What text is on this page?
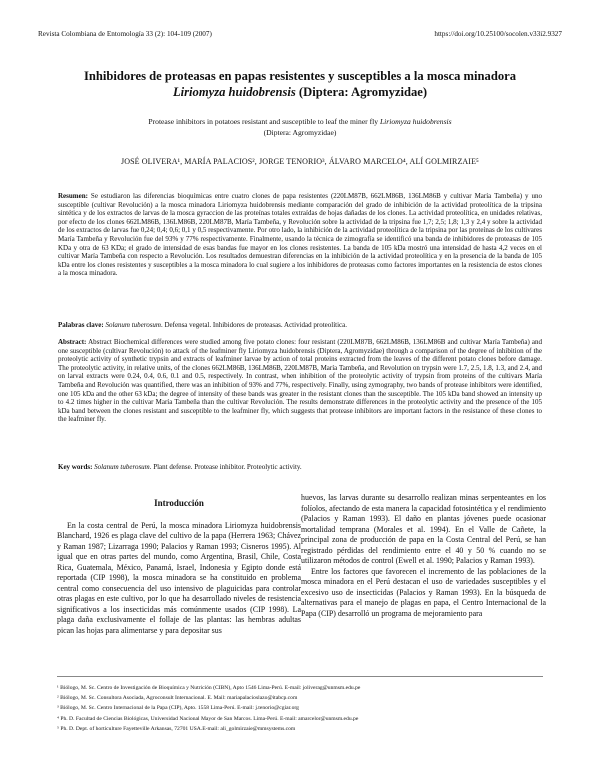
Revista Colombiana de Entomología 33 (2): 104-109 (2007)	https://doi.org/10.25100/socolen.v33i2.9327
Inhibidores de proteasas en papas resistentes y susceptibles a la mosca minadora
Liriomyza huidobrensis (Diptera: Agromyzidae)
Protease inhibitors in potatoes resistant and susceptible to leaf the miner fly Liriomyza huidobrensis
(Diptera: Agromyzidae)
JOSÉ OLIVERA¹, MARÍA PALACIOS², JORGE TENORIO³, ÁLVARO MARCELO⁴, ALÍ GOLMIRZAIE⁵
Resumen: Se estudiaron las diferencias bioquímicas entre cuatro clones de papa resistentes (220LM87B, 662LM86B, 136LM86B y cultivar María Tambeña) y uno susceptible (cultivar Revolución) a la mosca minadora Liriomyza huidobrensis mediante comparación del grado de inhibición de la actividad proteolítica de la tripsina sintética y de los extractos de larvas de la mosca gyraccion de las proteínas totales extraídas de hojas dañadas de los clones. La actividad proteolítica, en unidades relativas, por efecto de los clones 662LM86B, 136LM86B, 220LM87B, María Tambeña, y Revolución sobre la actividad de la tripsina fue 1,7; 2,5; 1,8; 1,3 y 2,4 y sobre la actividad de los extractos de larvas fue 0,24; 0,4; 0,6; 0,1 y 0,5 respectivamente. Por otro lado, la inhibición de la actividad proteolítica de la tripsina por las proteínas de los cultivares María Tambeña y Revolución fue del 93% y 77% respectivamente. Finalmente, usando la técnica de zimografía se identificó una banda de inhibidores de proteasas de 105 KDa y otra de 63 KDa; el grado de intensidad de esas bandas fue mayor en los clones resistentes. La banda de 105 kDa mostró una intensidad de hasta 4,2 veces en el cultivar María Tambeña con respecto a Revolución. Los resultados demuestran diferencias en la inhibición de la actividad proteolítica y en la presencia de la banda de 105 kDa entre los clones resistentes y susceptibles a la mosca minadora lo cual sugiere a los inhibidores de proteasas como factores importantes en la resistencia de estos clones a la mosca minadora.
Palabras clave: Solanum tuberosum. Defensa vegetal. Inhibidores de proteasas. Actividad proteolítica.
Abstract: Abstract Biochemical differences were studied among five potato clones: four resistant (220LM87B, 662LM86B, 136LM86B and cultivar María Tambeña) and one susceptible (cultivar Revolución) to attack of the leafminer fly Liriomyza huidobrensis (Diptera, Agromyzidae) through a comparison of the degree of inhibition of the proteolytic activity of synthetic trypsin and extracts of leafminer larvae by action of total proteins extracted from the leaves of the different potato clones before damage. The proteolytic activity, in relative units, of the clones 662LM86B, 136LM86B, 220LM87B, María Tambeña, and Revolution on trypsin were 1.7, 2.5, 1.8, 1.3, and 2.4, and on larval extracts were 0.24, 0.4, 0.6, 0.1 and 0.5, respectively. In contrast, when inhibition of the proteolytic activity of trypsin from proteins of the cultivars María Tambeña and Revolución was quantified, there was an inhibition of 93% and 77%, respectively. Finally, using zymography, two bands of protease inhibitors were identified, one 105 kDa and the other 63 kDa; the degree of intensity of these bands was greater in the resistant clones than the susceptible. The 105 kDa band showed an intensity up to 4.2 times higher in the cultivar María Tambeña than the cultivar Revolución. The results demonstrate differences in the proteolytic activity and the presence of the 105 kDa band between the clones resistant and susceptible to the leafminer fly, which suggests that protease inhibitors are important factors in the resistance of these clones to the leafminer fly.
Key words: Solanum tuberosum. Plant defense. Protease inhibitor. Proteolytic activity.
Introducción

En la costa central de Perú, la mosca minadora Liriomyza huidobrensis Blanchard, 1926 es plaga clave del cultivo de la papa (Herrera 1963; Chávez y Raman 1987; Lizarraga 1990; Palacios y Raman 1993; Cisneros 1995). Al igual que en otras partes del mundo, como Argentina, Brasil, Chile, Costa Rica, Guatemala, México, Panamá, Israel, Indonesia y Egipto donde está reportada (CIP 1998), la mosca minadora se ha constituido en problema central como consecuencia del uso intensivo de plaguicidas para controlar otras plagas en este cultivo, por lo que ha desarrollado niveles de resistencia significativos a los insecticidas más comúnmente usados (CIP 1998). La plaga daña exclusivamente el follaje de las plantas: las hembras adultas pican las hojas para alimentarse y para depositar sus

huevos, las larvas durante su desarrollo realizan minas serpenteantes en los folíolos, afectando de esta manera la capacidad fotosintética y el rendimiento (Palacios y Raman 1993). El daño en plantas jóvenes puede ocasionar mortalidad temprana (Morales et al. 1994). En el Valle de Cañete, la principal zona de producción de papa en la Costa Central del Perú, se han registrado pérdidas del rendimiento entre el 40 y 50 % cuando no se utilizaron métodos de control (Ewell et al. 1990; Palacios y Raman 1993).

Entre los factores que favorecen el incremento de las poblaciones de la mosca minadora en el Perú destacan el uso de variedades susceptibles y el excesivo uso de insecticidas (Palacios y Raman 1993). En la búsqueda de alternativas para el manejo de plagas en papa, el Centro Internacional de la Papa (CIP) desarrolló un programa de mejoramiento para

¹ Biólogo, M. Sc. Centro de Investigación de Bioquímica y Nutrición (CIBN), Apto 1546 Lima-Perú. E-mail: joliverag@unmsm.edu.pe
² Biólogo, M. Sc. Consultora Asociada, Agroconsult Internacional. E. Mail: mariapalacioslazo@itabcp.com
³ Biólogo, M. Sc. Centro Internacional de la Papa (CIP), Apto. 1558 Lima-Perú. E-mail: j.tenorio@cgiar.org
⁴ Ph. D. Facultad de Ciencias Biológicas, Universidad Nacional Mayor de San Marcos. Lima-Perú. E-mail: amarcelor@unmsm.edu.pe
⁵ Ph. D. Dept. of horticulture Fayetteville Arkansas, 72701 USA.E-mail: ali_golmirzaie@mmsystems.com
